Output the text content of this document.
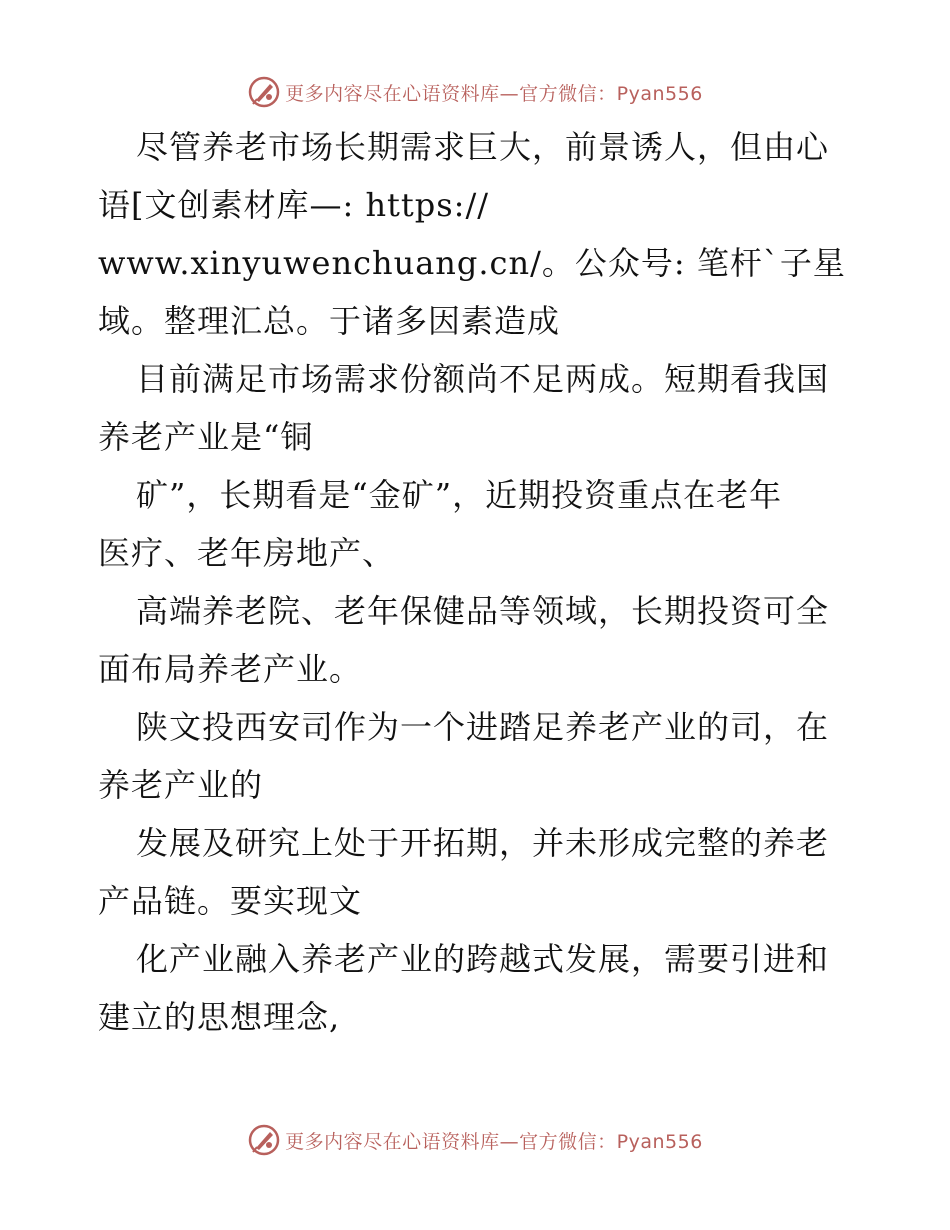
更多内容尽在心语资料库—官方微信：Pyan556
尽管养老市场长期需求巨大，前景诱人，但由心
语[文创素材库—: https://
www.xinyuwenchuang.cn/。公众号: 笔杆`子星
域。整理汇总。于诸多因素造成
目前满足市场需求份额尚不足两成。短期看我国
养老产业是“铜
矿”，长期看是“金矿”，近期投资重点在老年
医疗、老年房地产、
高端养老院、老年保健品等领域，长期投资可全
面布局养老产业。
陕文投西安司作为一个进踏足养老产业的司，在
养老产业的
发展及研究上处于开拓期，并未形成完整的养老
产品链。要实现文
化产业融入养老产业的跨越式发展，需要引进和
建立的思想理念,
更多内容尽在心语资料库—官方微信：Pyan556
